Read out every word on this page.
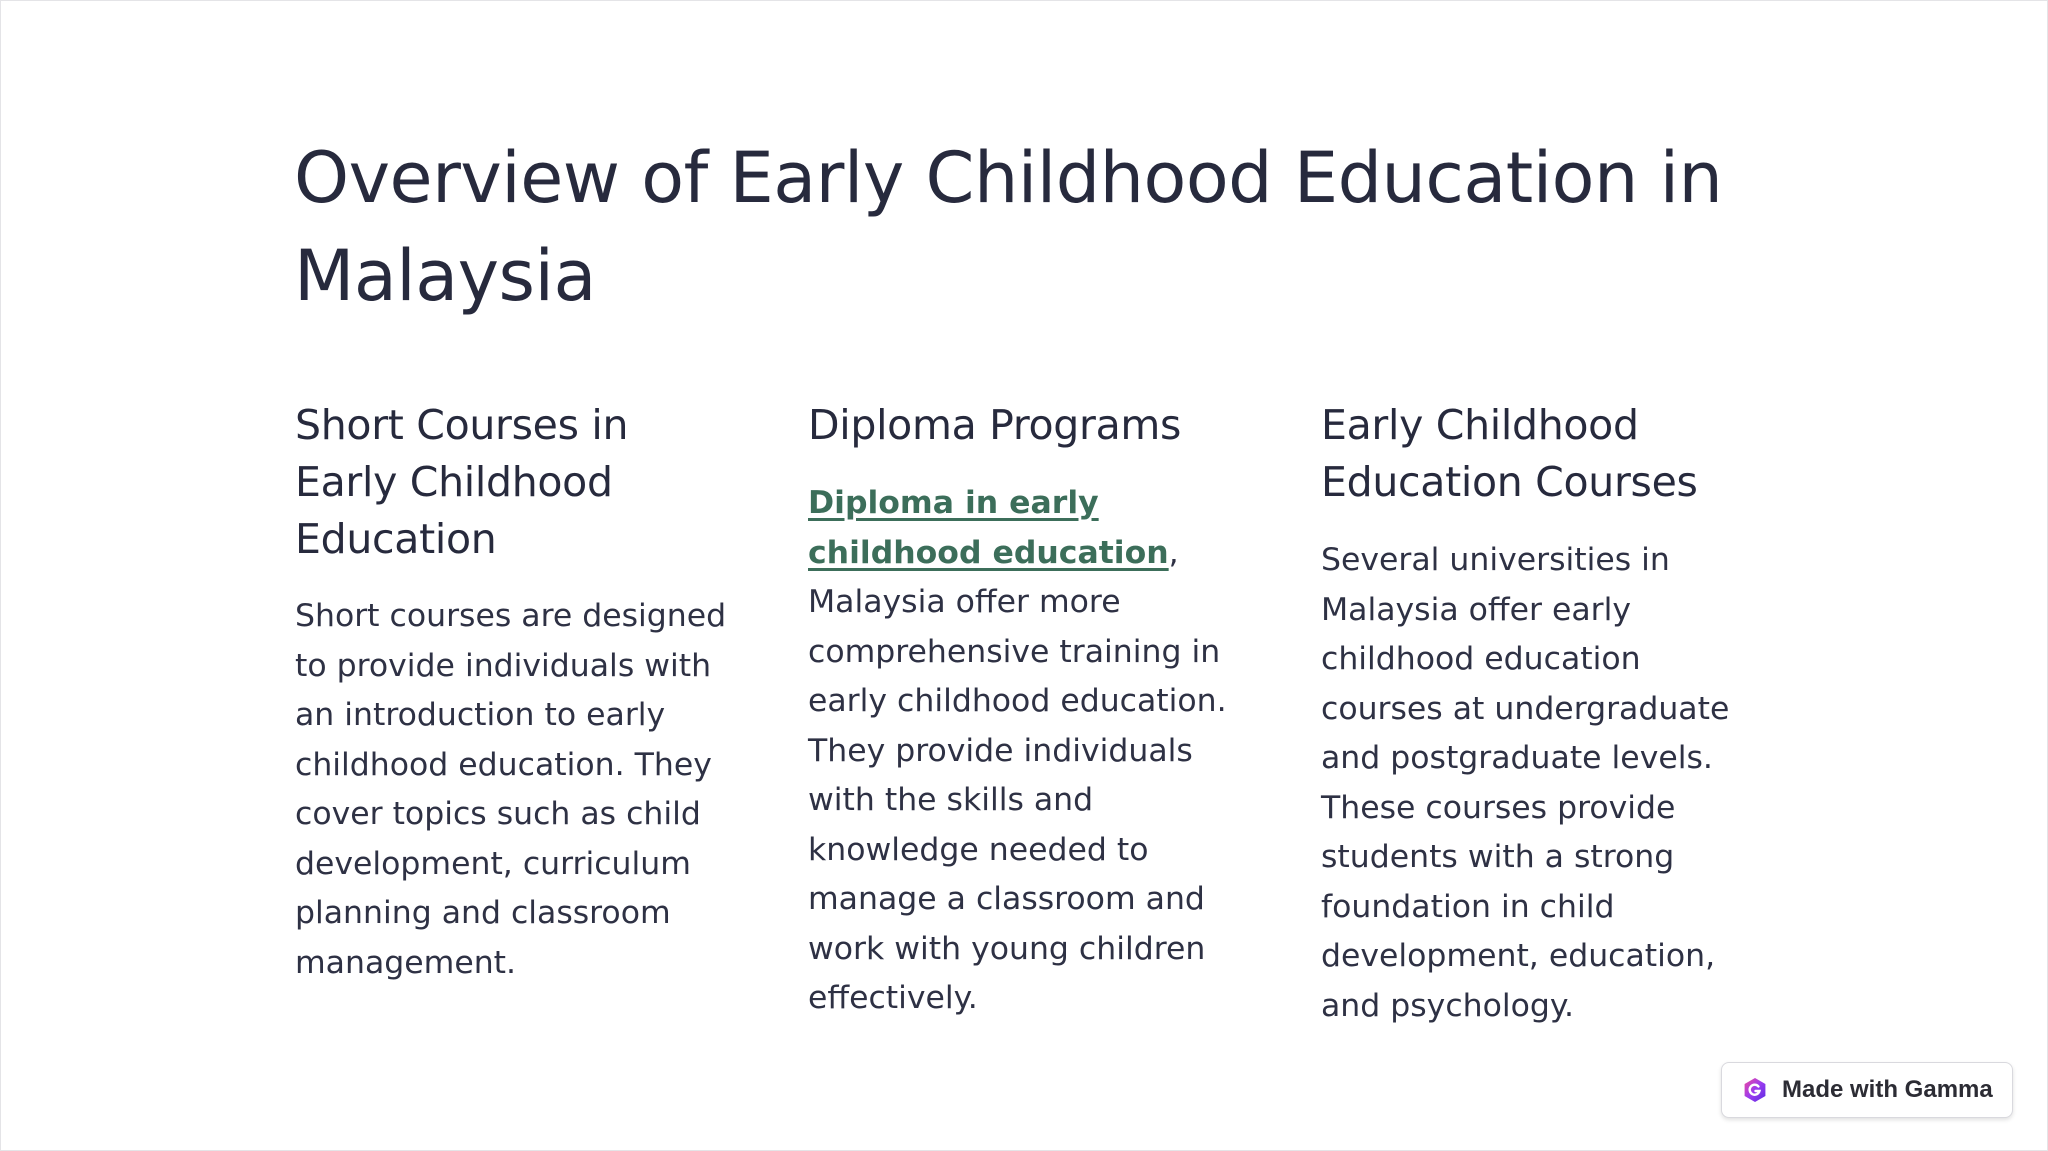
Overview of Early Childhood Education in Malaysia
Short Courses in Early Childhood Education

Short courses are designed to provide individuals with an introduction to early childhood education. They cover topics such as child development, curriculum planning and classroom management.

Diploma Programs

Diploma in early childhood education, Malaysia offer more comprehensive training in early childhood education. They provide individuals with the skills and knowledge needed to manage a classroom and work with young children effectively.

Early Childhood Education Courses

Several universities in Malaysia offer early childhood education courses at undergraduate and postgraduate levels. These courses provide students with a strong foundation in child development, education, and psychology.

Made with Gamma
